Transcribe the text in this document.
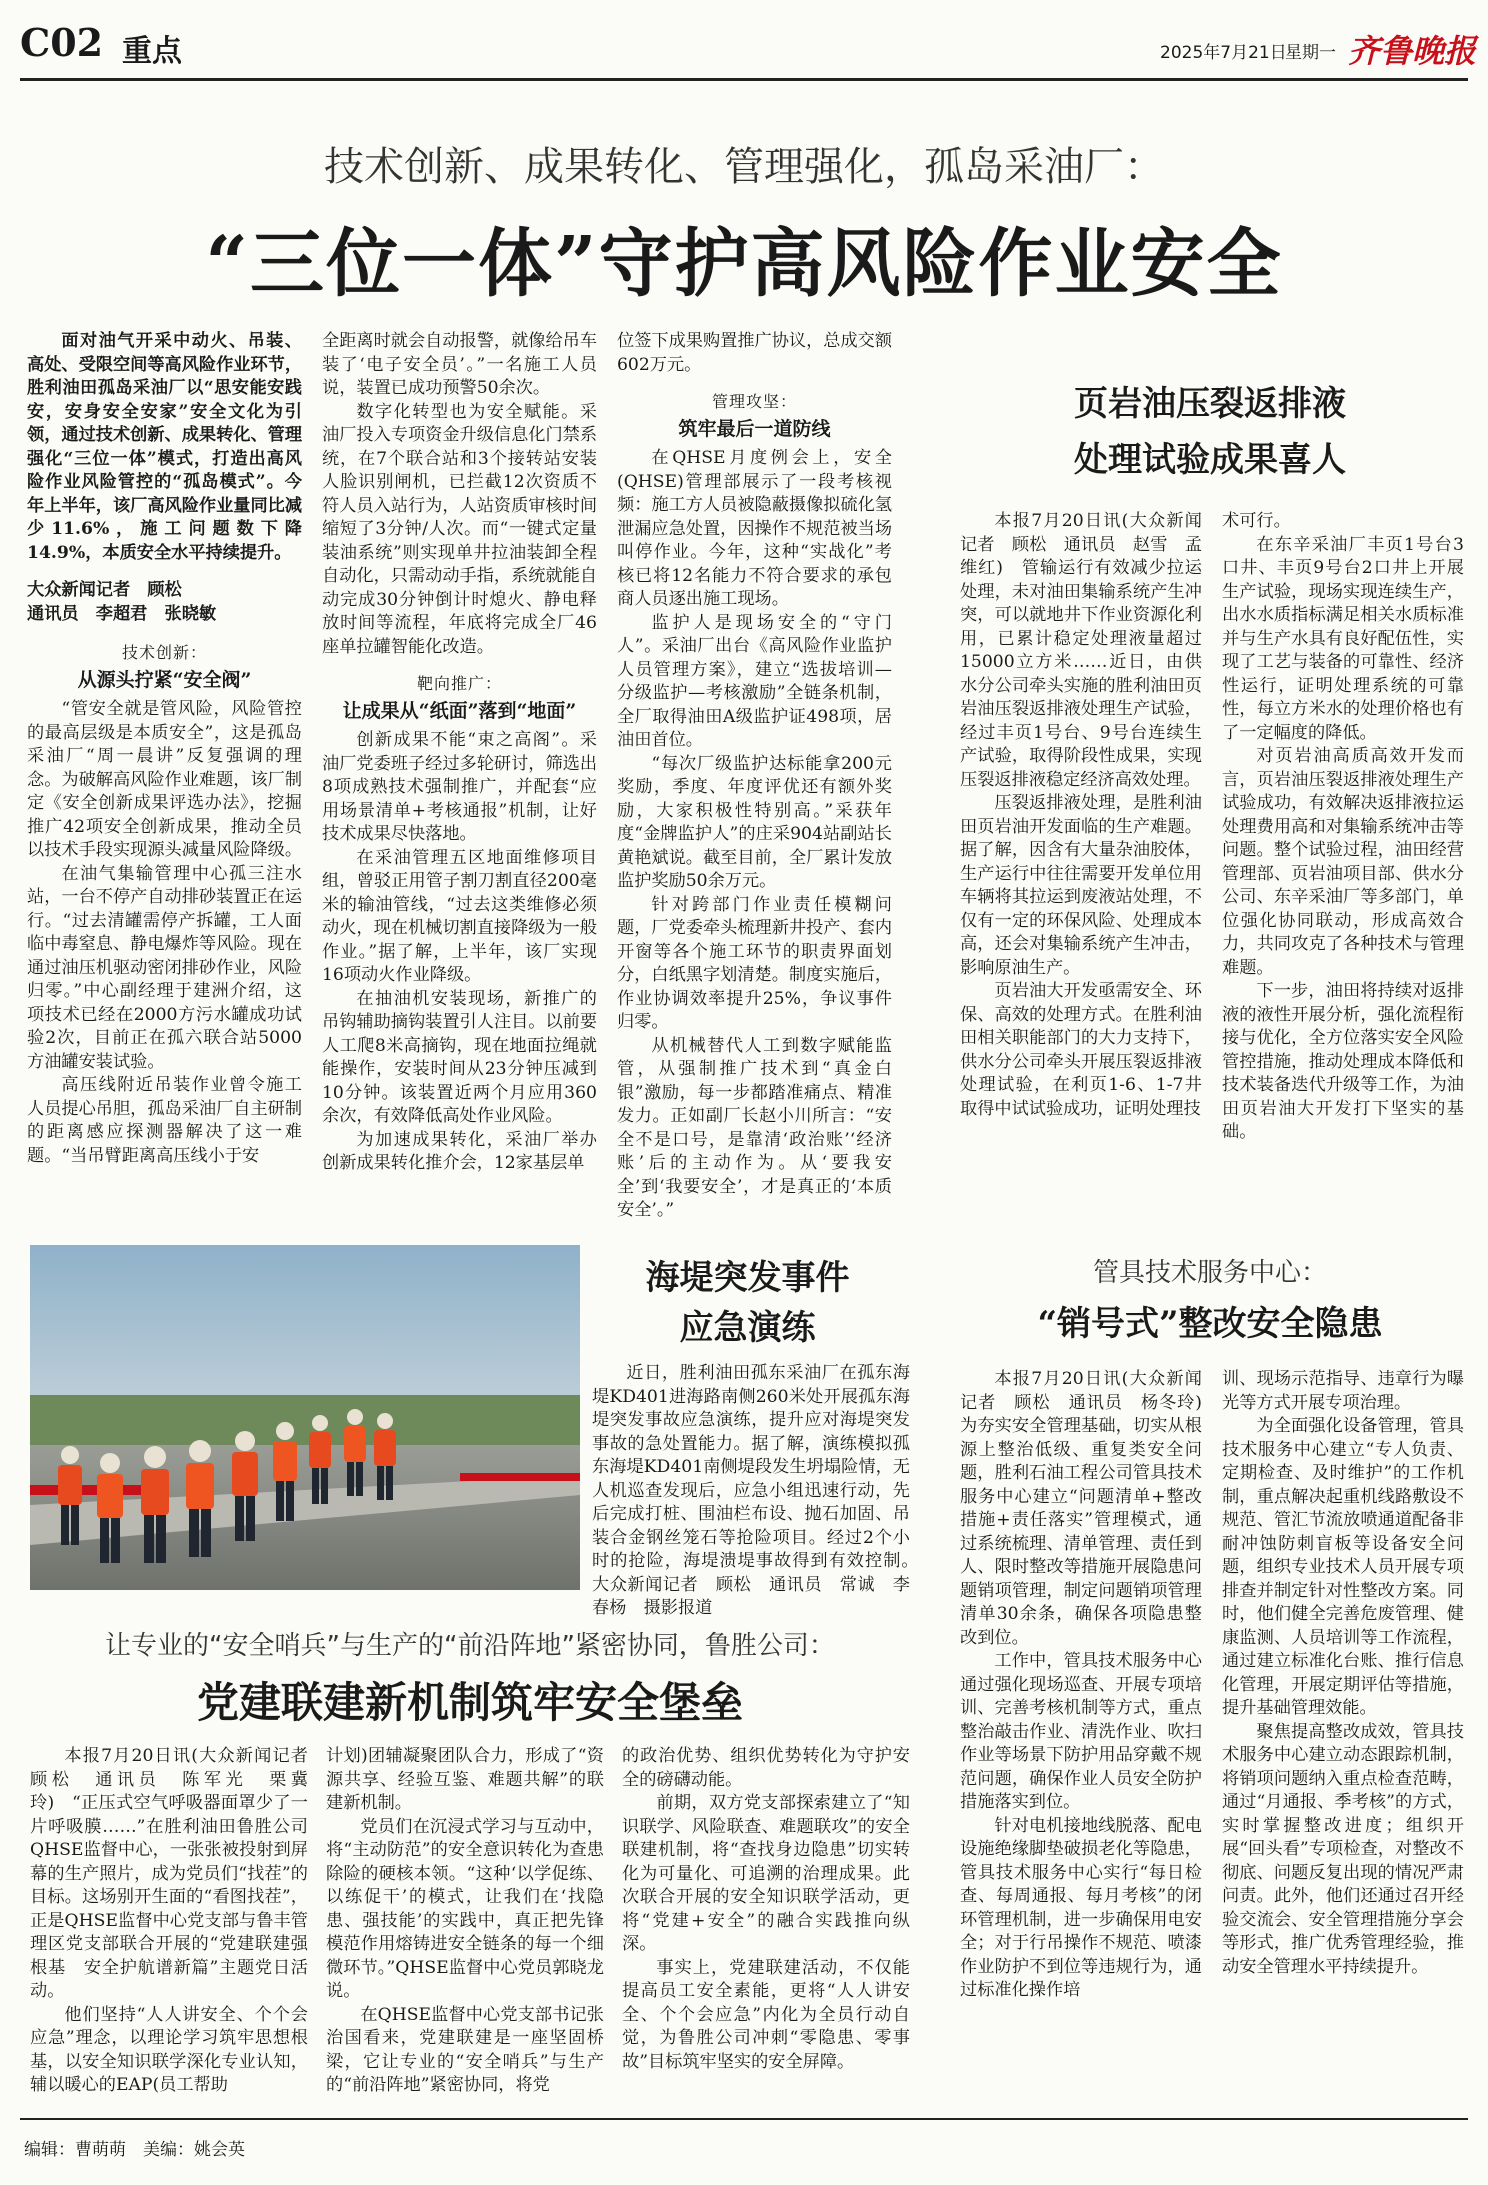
C02 重点	2025年7月21日
星期一 齐鲁晚报
技术创新、成果转化、管理强化，孤岛采油厂：
“三位一体”守护高风险作业安全

面对油气开采中动火、吊装、高处、受限空间等高风险作业环节，胜利油田孤岛采油厂以“思安能安践安，安身安全安家”安全文化为引领，通过技术创新、成果转化、管理强化“三位一体”模式，打造出高风险作业风险管控的“孤岛模式”。今年上半年，该厂高风险作业量同比减少11.6%，施工问题数下降14.9%，本质安全水平持续提升。

大众新闻记者　顾松

通讯员　李超君　张晓敏

技术创新：
从源头拧紧“安全阀”

“管安全就是管风险，风险管控的最高层级是本质安全”，这是孤岛采油厂“周一晨讲”反复强调的理念。为破解高风险作业难题，该厂制定《安全创新成果评选办法》，挖掘推广42项安全创新成果，推动全员以技术手段实现源头减量风险降级。

在油气集输管理中心孤三注水站，一台不停产自动排砂装置正在运行。“过去清罐需停产拆罐，工人面临中毒窒息、静电爆炸等风险。现在通过油压机驱动密闭排砂作业，风险归零。”中心副经理于建洲介绍，这项技术已经在2000方污水罐成功试验2次，目前正在孤六联合站5000方油罐安装试验。

高压线附近吊装作业曾令施工人员提心吊胆，孤岛采油厂自主研制的距离感应探测器解决了这一难题。“当吊臂距离高压线小于安

全距离时就会自动报警，就像给吊车装了‘电子安全员’。”一名施工人员说，装置已成功预警50余次。

数字化转型也为安全赋能。采油厂投入专项资金升级信息化门禁系统，在7个联合站和3个接转站安装人脸识别闸机，已拦截12次资质不符人员入站行为，人站资质审核时间缩短了3分钟/人次。而“一键式定量装油系统”则实现单井拉油装卸全程自动化，只需动动手指，系统就能自动完成30分钟倒计时熄火、静电释放时间等流程，年底将完成全厂46座单拉罐智能化改造。

靶向推广：
让成果从“纸面”落到“地面”

创新成果不能“束之高阁”。采油厂党委班子经过多轮研讨，筛选出8项成熟技术强制推广，并配套“应用场景清单+考核通报”机制，让好技术成果尽快落地。

在采油管理五区地面维修项目组，曾驳正用管子割刀割直径200毫米的输油管线，“过去这类维修必须动火，现在机械切割直接降级为一般作业。”据了解，上半年，该厂实现16项动火作业降级。

在抽油机安装现场，新推广的吊钩辅助摘钩装置引人注目。以前要人工爬8米高摘钩，现在地面拉绳就能操作，安装时间从23分钟压减到10分钟。该装置近两个月应用360余次，有效降低高处作业风险。

为加速成果转化，采油厂举办创新成果转化推介会，12家基层单

位签下成果购置推广协议，总成交额602万元。

管理攻坚：
筑牢最后一道防线

在QHSE月度例会上，安全(QHSE)管理部展示了一段考核视频：施工方人员被隐蔽摄像拟硫化氢泄漏应急处置，因操作不规范被当场叫停作业。今年，这种“实战化”考核已将12名能力不符合要求的承包商人员逐出施工现场。

监护人是现场安全的“守门人”。采油厂出台《高风险作业监护人员管理方案》，建立“选拔培训—分级监护—考核激励”全链条机制，全厂取得油田A级监护证498项，居油田首位。

“每次厂级监护达标能拿200元奖励，季度、年度评优还有额外奖励，大家积极性特别高。”采获年度“金牌监护人”的庄采904站副站长黄艳斌说。截至目前，全厂累计发放监护奖励50余万元。

针对跨部门作业责任模糊问题，厂党委牵头梳理新井投产、套内开窗等各个施工环节的职责界面划分，白纸黑字划清楚。制度实施后，作业协调效率提升25%，争议事件归零。

从机械替代人工到数字赋能监管，从强制推广技术到“真金白银”激励，每一步都踏准痛点、精准发力。正如副厂长赵小川所言：“安全不是口号，是靠清‘政治账’‘经济账’后的主动作为。从‘要我安全’到‘我要安全’，才是真正的‘本质安全’。”

页岩油压裂返排液
处理试验成果喜人

本报7月20日讯(大众新闻记者　顾松　通讯员　赵雪　孟维红)　管输运行有效减少拉运处理，未对油田集输系统产生冲突，可以就地井下作业资源化利用，已累计稳定处理液量超过15000立方米……近日，由供水分公司牵头实施的胜利油田页岩油压裂返排液处理生产试验，经过丰页1号台、9号台连续生产试验，取得阶段性成果，实现压裂返排液稳定经济高效处理。

压裂返排液处理，是胜利油田页岩油开发面临的生产难题。据了解，因含有大量杂油胶体，生产运行中往往需要开发单位用车辆将其拉运到废液站处理，不仅有一定的环保风险、处理成本高，还会对集输系统产生冲击，影响原油生产。

页岩油大开发亟需安全、环保、高效的处理方式。在胜利油田相关职能部门的大力支持下，供水分公司牵头开展压裂返排液处理试验，在利页1-6、1-7井取得中试试验成功，证明处理技

术可行。

在东辛采油厂丰页1号台3口井、丰页9号台2口井上开展生产试验，现场实现连续生产，出水水质指标满足相关水质标准并与生产水具有良好配伍性，实现了工艺与装备的可靠性、经济性运行，证明处理系统的可靠性，每立方米水的处理价格也有了一定幅度的降低。

对页岩油高质高效开发而言，页岩油压裂返排液处理生产试验成功，有效解决返排液拉运处理费用高和对集输系统冲击等问题。整个试验过程，油田经营管理部、页岩油项目部、供水分公司、东辛采油厂等多部门，单位强化协同联动，形成高效合力，共同攻克了各种技术与管理难题。

下一步，油田将持续对返排液的液性开展分析，强化流程衔接与优化，全方位落实安全风险管控措施，推动处理成本降低和技术装备迭代升级等工作，为油田页岩油大开发打下坚实的基础。

海堤突发事件
应急演练

近日，胜利油田孤东采油厂在孤东海堤KD401进海路南侧260米处开展孤东海堤突发事故应急演练，提升应对海堤突发事故的急处置能力。据了解，演练模拟孤东海堤KD401南侧堤段发生坍塌险情，无人机巡查发现后，应急小组迅速行动，先后完成打桩、围油栏布设、抛石加固、吊装合金钢丝笼石等抢险项目。经过2个小时的抢险，海堤溃堤事故得到有效控制。　大众新闻记者　顾松　通讯员　常诚　李春杨　摄影报道

管具技术服务中心：
“销号式”整改安全隐患

本报7月20日讯(大众新闻记者　顾松　通讯员　杨冬玲)　为夯实安全管理基础，切实从根源上整治低级、重复类安全问题，胜利石油工程公司管具技术服务中心建立“问题清单+整改措施+责任落实”管理模式，通过系统梳理、清单管理、责任到人、限时整改等措施开展隐患问题销项管理，制定问题销项管理清单30余条，确保各项隐患整改到位。

工作中，管具技术服务中心通过强化现场巡查、开展专项培训、完善考核机制等方式，重点整治敲击作业、清洗作业、吹扫作业等场景下防护用品穿戴不规范问题，确保作业人员安全防护措施落实到位。

针对电机接地线脱落、配电设施绝缘脚垫破损老化等隐患，管具技术服务中心实行“每日检查、每周通报、每月考核”的闭环管理机制，进一步确保用电安全；对于行吊操作不规范、喷漆作业防护不到位等违规行为，通过标准化操作培

训、现场示范指导、违章行为曝光等方式开展专项治理。

为全面强化设备管理，管具技术服务中心建立“专人负责、定期检查、及时维护”的工作机制，重点解决起重机线路敷设不规范、管汇节流放喷通道配备非耐冲蚀防刺盲板等设备安全问题，组织专业技术人员开展专项排查并制定针对性整改方案。同时，他们健全完善危废管理、健康监测、人员培训等工作流程，通过建立标准化台账、推行信息化管理，开展定期评估等措施，提升基础管理效能。

聚焦提高整改成效，管具技术服务中心建立动态跟踪机制，将销项问题纳入重点检查范畴，通过“月通报、季考核”的方式，实时掌握整改进度；组织开展“回头看”专项检查，对整改不彻底、问题反复出现的情况严肃问责。此外，他们还通过召开经验交流会、安全管理措施分享会等形式，推广优秀管理经验，推动安全管理水平持续提升。

让专业的“安全哨兵”与生产的“前沿阵地”紧密协同，鲁胜公司：
党建联建新机制筑牢安全堡垒

本报7月20日讯(大众新闻记者　顾松　通讯员　陈军光　栗冀玲)　“正压式空气呼吸器面罩少了一片呼吸膜……”在胜利油田鲁胜公司QHSE监督中心，一张张被投射到屏幕的生产照片，成为党员们“找茬”的目标。这场别开生面的“看图找茬”，正是QHSE监督中心党支部与鲁丰管理区党支部联合开展的“党建联建强根基　安全护航谱新篇”主题党日活动。

他们坚持“人人讲安全、个个会应急”理念，以理论学习筑牢思想根基，以安全知识联学深化专业认知，辅以暖心的EAP(员工帮助

计划)团辅凝聚团队合力，形成了“资源共享、经验互鉴、难题共解”的联建新机制。

党员们在沉浸式学习与互动中，将“主动防范”的安全意识转化为查患除险的硬核本领。“这种‘以学促练、以练促干’的模式，让我们在‘找隐患、强技能’的实践中，真正把先锋模范作用熔铸进安全链条的每一个细微环节。”QHSE监督中心党员郭晓龙说。

在QHSE监督中心党支部书记张治国看来，党建联建是一座坚固桥梁，它让专业的“安全哨兵”与生产的“前沿阵地”紧密协同，将党

的政治优势、组织优势转化为守护安全的磅礴动能。

前期，双方党支部探索建立了“知识联学、风险联查、难题联攻”的安全联建机制，将“查找身边隐患”切实转化为可量化、可追溯的治理成果。此次联合开展的安全知识联学活动，更将“党建+安全”的融合实践推向纵深。

事实上，党建联建活动，不仅能提高员工安全素能，更将“人人讲安全、个个会应急”内化为全员行动自觉，为鲁胜公司冲刺“零隐患、零事故”目标筑牢坚实的安全屏障。

编辑：曹萌萌　美编：姚会英
